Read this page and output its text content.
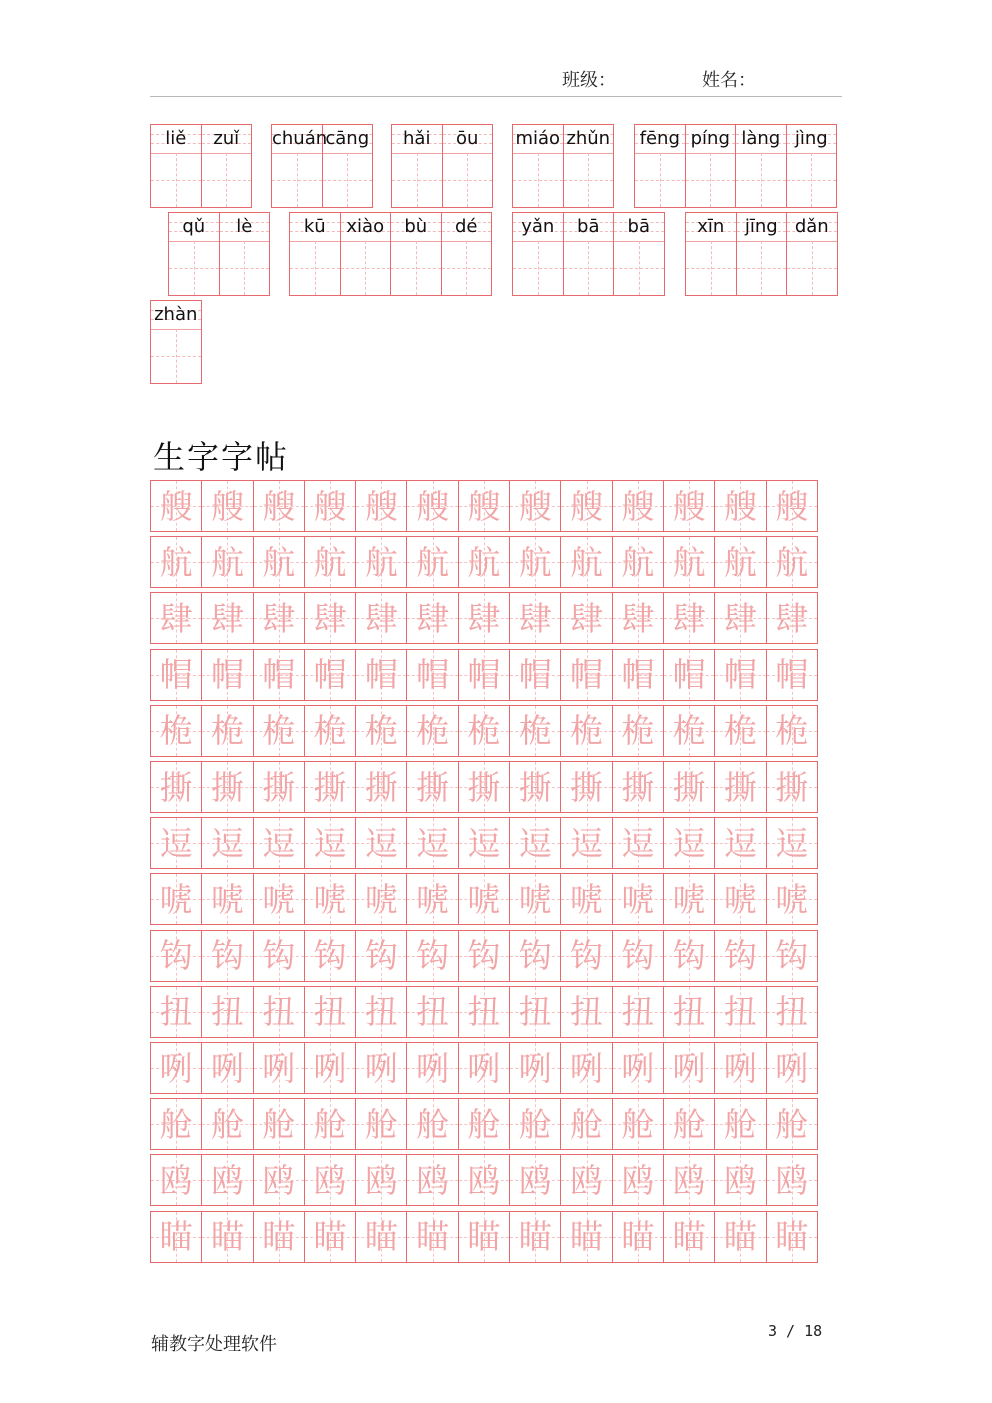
班级：	姓名：
liě	zuǐ	chuán
cāng	hǎi	ōu	miáo zhǔn fēng píng làng jìng
qǔ	lè	kū	xiào	bù	dé	yǎn	bā	bā	xīn	jīng dǎn
zhàn
生字字帖
艘 艘 艘 艘 艘 艘 艘 艘 艘 艘 艘 艘 艘
航 航 航 航 航 航 航 航 航 航 航 航 航
肆 肆 肆 肆 肆 肆 肆 肆 肆 肆 肆 肆 肆
帽 帽 帽 帽 帽 帽 帽 帽 帽 帽 帽 帽 帽
桅 桅 桅 桅 桅 桅 桅 桅 桅 桅 桅 桅 桅
撕 撕 撕 撕 撕 撕 撕 撕 撕 撕 撕 撕 撕
逗 逗 逗 逗 逗 逗 逗 逗 逗 逗 逗 逗 逗
唬 唬 唬 唬 唬 唬 唬 唬 唬 唬 唬 唬 唬
钩 钩 钩 钩 钩 钩 钩 钩 钩 钩 钩 钩 钩
扭 扭 扭 扭 扭 扭 扭 扭 扭 扭 扭 扭 扭
咧 咧 咧 咧 咧 咧 咧 咧 咧 咧 咧 咧 咧
舱 舱 舱 舱 舱 舱 舱 舱 舱 舱 舱 舱 舱
鸥 鸥 鸥 鸥 鸥 鸥 鸥 鸥 鸥 鸥 鸥 鸥 鸥
瞄 瞄 瞄 瞄 瞄 瞄 瞄 瞄 瞄 瞄 瞄 瞄 瞄
辅教字处理软件
3 / 18
